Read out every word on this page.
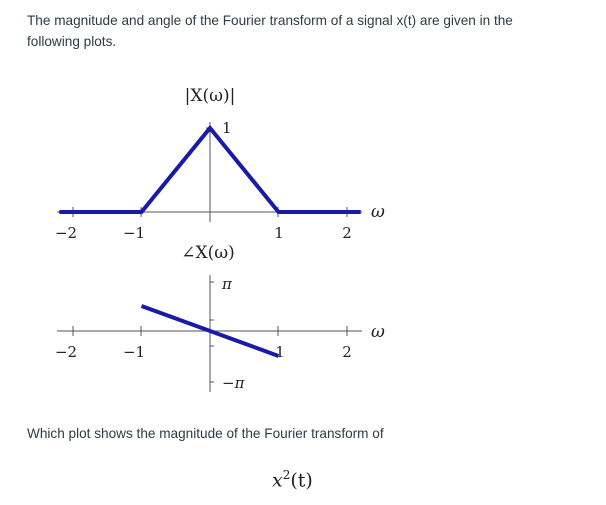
The magnitude and angle of the Fourier transform of a signal x(t) are given in the following plots.
|X(ω)|
1
ω
−2	−1	1	2
∠X(ω)
π
−π
ω
−2	−1	1	2
Which plot shows the magnitude of the Fourier transform of
$x^2(t)$
